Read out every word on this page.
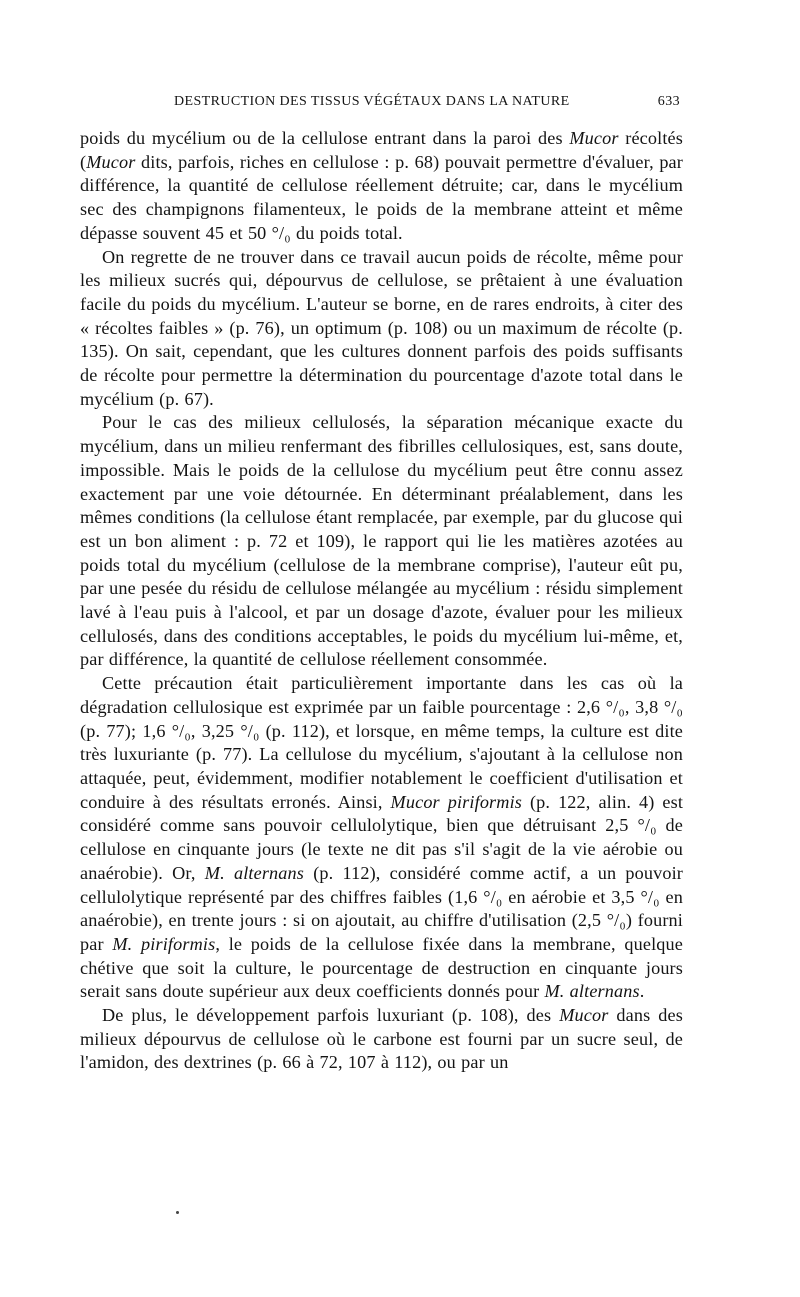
DESTRUCTION DES TISSUS VÉGÉTAUX DANS LA NATURE	633

poids du mycélium ou de la cellulose entrant dans la paroi des Mucor récoltés (Mucor dits, parfois, riches en cellulose : p. 68) pouvait permettre d'évaluer, par différence, la quantité de cellulose réellement détruite; car, dans le mycélium sec des champignons filamenteux, le poids de la membrane atteint et même dépasse souvent 45 et 50 °/₀ du poids total.

On regrette de ne trouver dans ce travail aucun poids de récolte, même pour les milieux sucrés qui, dépourvus de cellulose, se prêtaient à une évaluation facile du poids du mycélium. L'auteur se borne, en de rares endroits, à citer des « récoltes faibles » (p. 76), un optimum (p. 108) ou un maximum de récolte (p. 135). On sait, cependant, que les cultures donnent parfois des poids suffisants de récolte pour permettre la détermination du pourcentage d'azote total dans le mycélium (p. 67).

Pour le cas des milieux cellulosés, la séparation mécanique exacte du mycélium, dans un milieu renfermant des fibrilles cellulosiques, est, sans doute, impossible. Mais le poids de la cellulose du mycélium peut être connu assez exactement par une voie détournée. En déterminant préalablement, dans les mêmes conditions (la cellulose étant remplacée, par exemple, par du glucose qui est un bon aliment : p. 72 et 109), le rapport qui lie les matières azotées au poids total du mycélium (cellulose de la membrane comprise), l'auteur eût pu, par une pesée du résidu de cellulose mélangée au mycélium : résidu simplement lavé à l'eau puis à l'alcool, et par un dosage d'azote, évaluer pour les milieux cellulosés, dans des conditions acceptables, le poids du mycélium lui-même, et, par différence, la quantité de cellulose réellement consommée.

Cette précaution était particulièrement importante dans les cas où la dégradation cellulosique est exprimée par un faible pourcentage : 2,6 °/₀, 3,8 °/₀ (p. 77); 1,6 °/₀, 3,25 °/₀ (p. 112), et lorsque, en même temps, la culture est dite très luxuriante (p. 77). La cellulose du mycélium, s'ajoutant à la cellulose non attaquée, peut, évidemment, modifier notablement le coefficient d'utilisation et conduire à des résultats erronés. Ainsi, Mucor piriformis (p. 122, alin. 4) est considéré comme sans pouvoir cellulolytique, bien que détruisant 2,5 °/₀ de cellulose en cinquante jours (le texte ne dit pas s'il s'agit de la vie aérobie ou anaérobie). Or, M. alternans (p. 112), considéré comme actif, a un pouvoir cellulolytique représenté par des chiffres faibles (1,6 °/₀ en aérobie et 3,5 °/₀ en anaérobie), en trente jours : si on ajoutait, au chiffre d'utilisation (2,5 °/₀) fourni par M. piriformis, le poids de la cellulose fixée dans la membrane, quelque chétive que soit la culture, le pourcentage de destruction en cinquante jours serait sans doute supérieur aux deux coefficients donnés pour M. alternans.

De plus, le développement parfois luxuriant (p. 108), des Mucor dans des milieux dépourvus de cellulose où le carbone est fourni par un sucre seul, de l'amidon, des dextrines (p. 66 à 72, 107 à 112), ou par un
